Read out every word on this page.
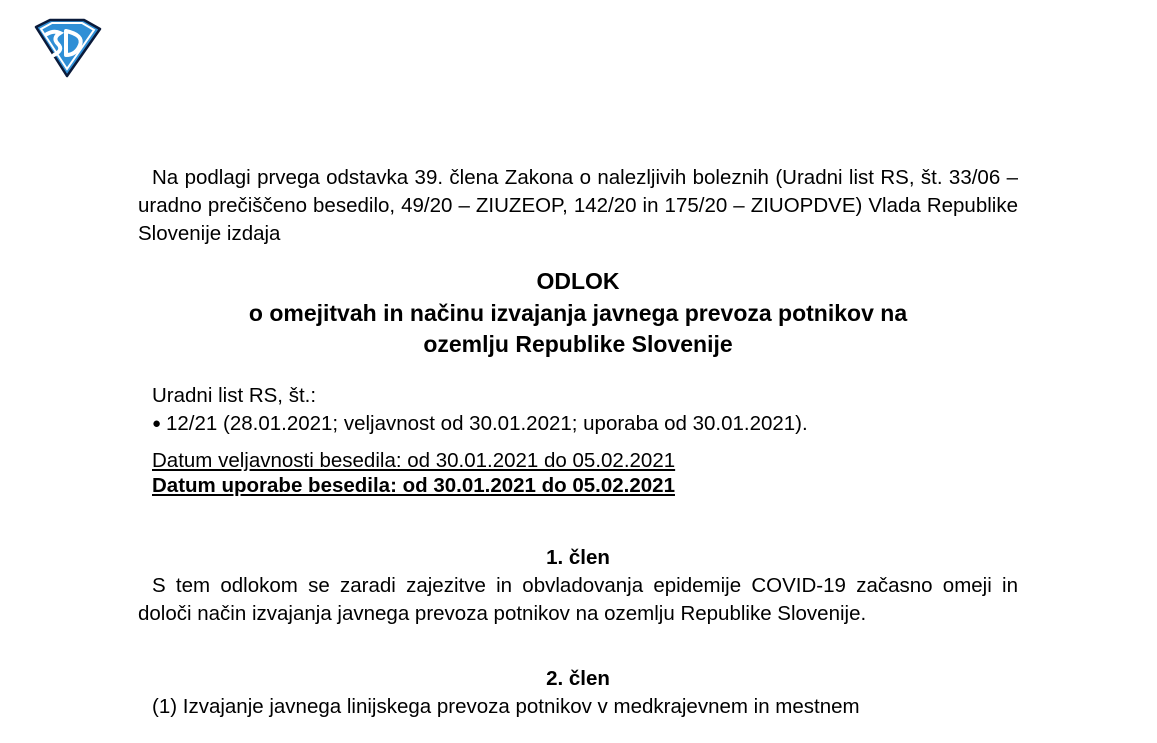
Na podlagi prvega odstavka 39. člena Zakona o nalezljivih boleznih (Uradni list RS, št. 33/06 – uradno prečiščeno besedilo, 49/20 – ZIUZEOP, 142/20 in 175/20 – ZIUOPDVE) Vlada Republike Slovenije izdaja

ODLOK
o omejitvah in načinu izvajanja javnega prevoza potnikov na
ozemlju Republike Slovenije

Uradni list RS, št.:

● 12/21 (28.01.2021; veljavnost od 30.01.2021; uporaba od 30.01.2021).
Datum veljavnosti besedila: od 30.01.2021 do 05.02.2021
Datum uporabe besedila: od 30.01.2021 do 05.02.2021

1. člen

S tem odlokom se zaradi zajezitve in obvladovanja epidemije COVID-19 začasno omeji in določi način izvajanja javnega prevoza potnikov na ozemlju Republike Slovenije.

2. člen

(1) Izvajanje javnega linijskega prevoza potnikov v medkrajevnem in mestnem
